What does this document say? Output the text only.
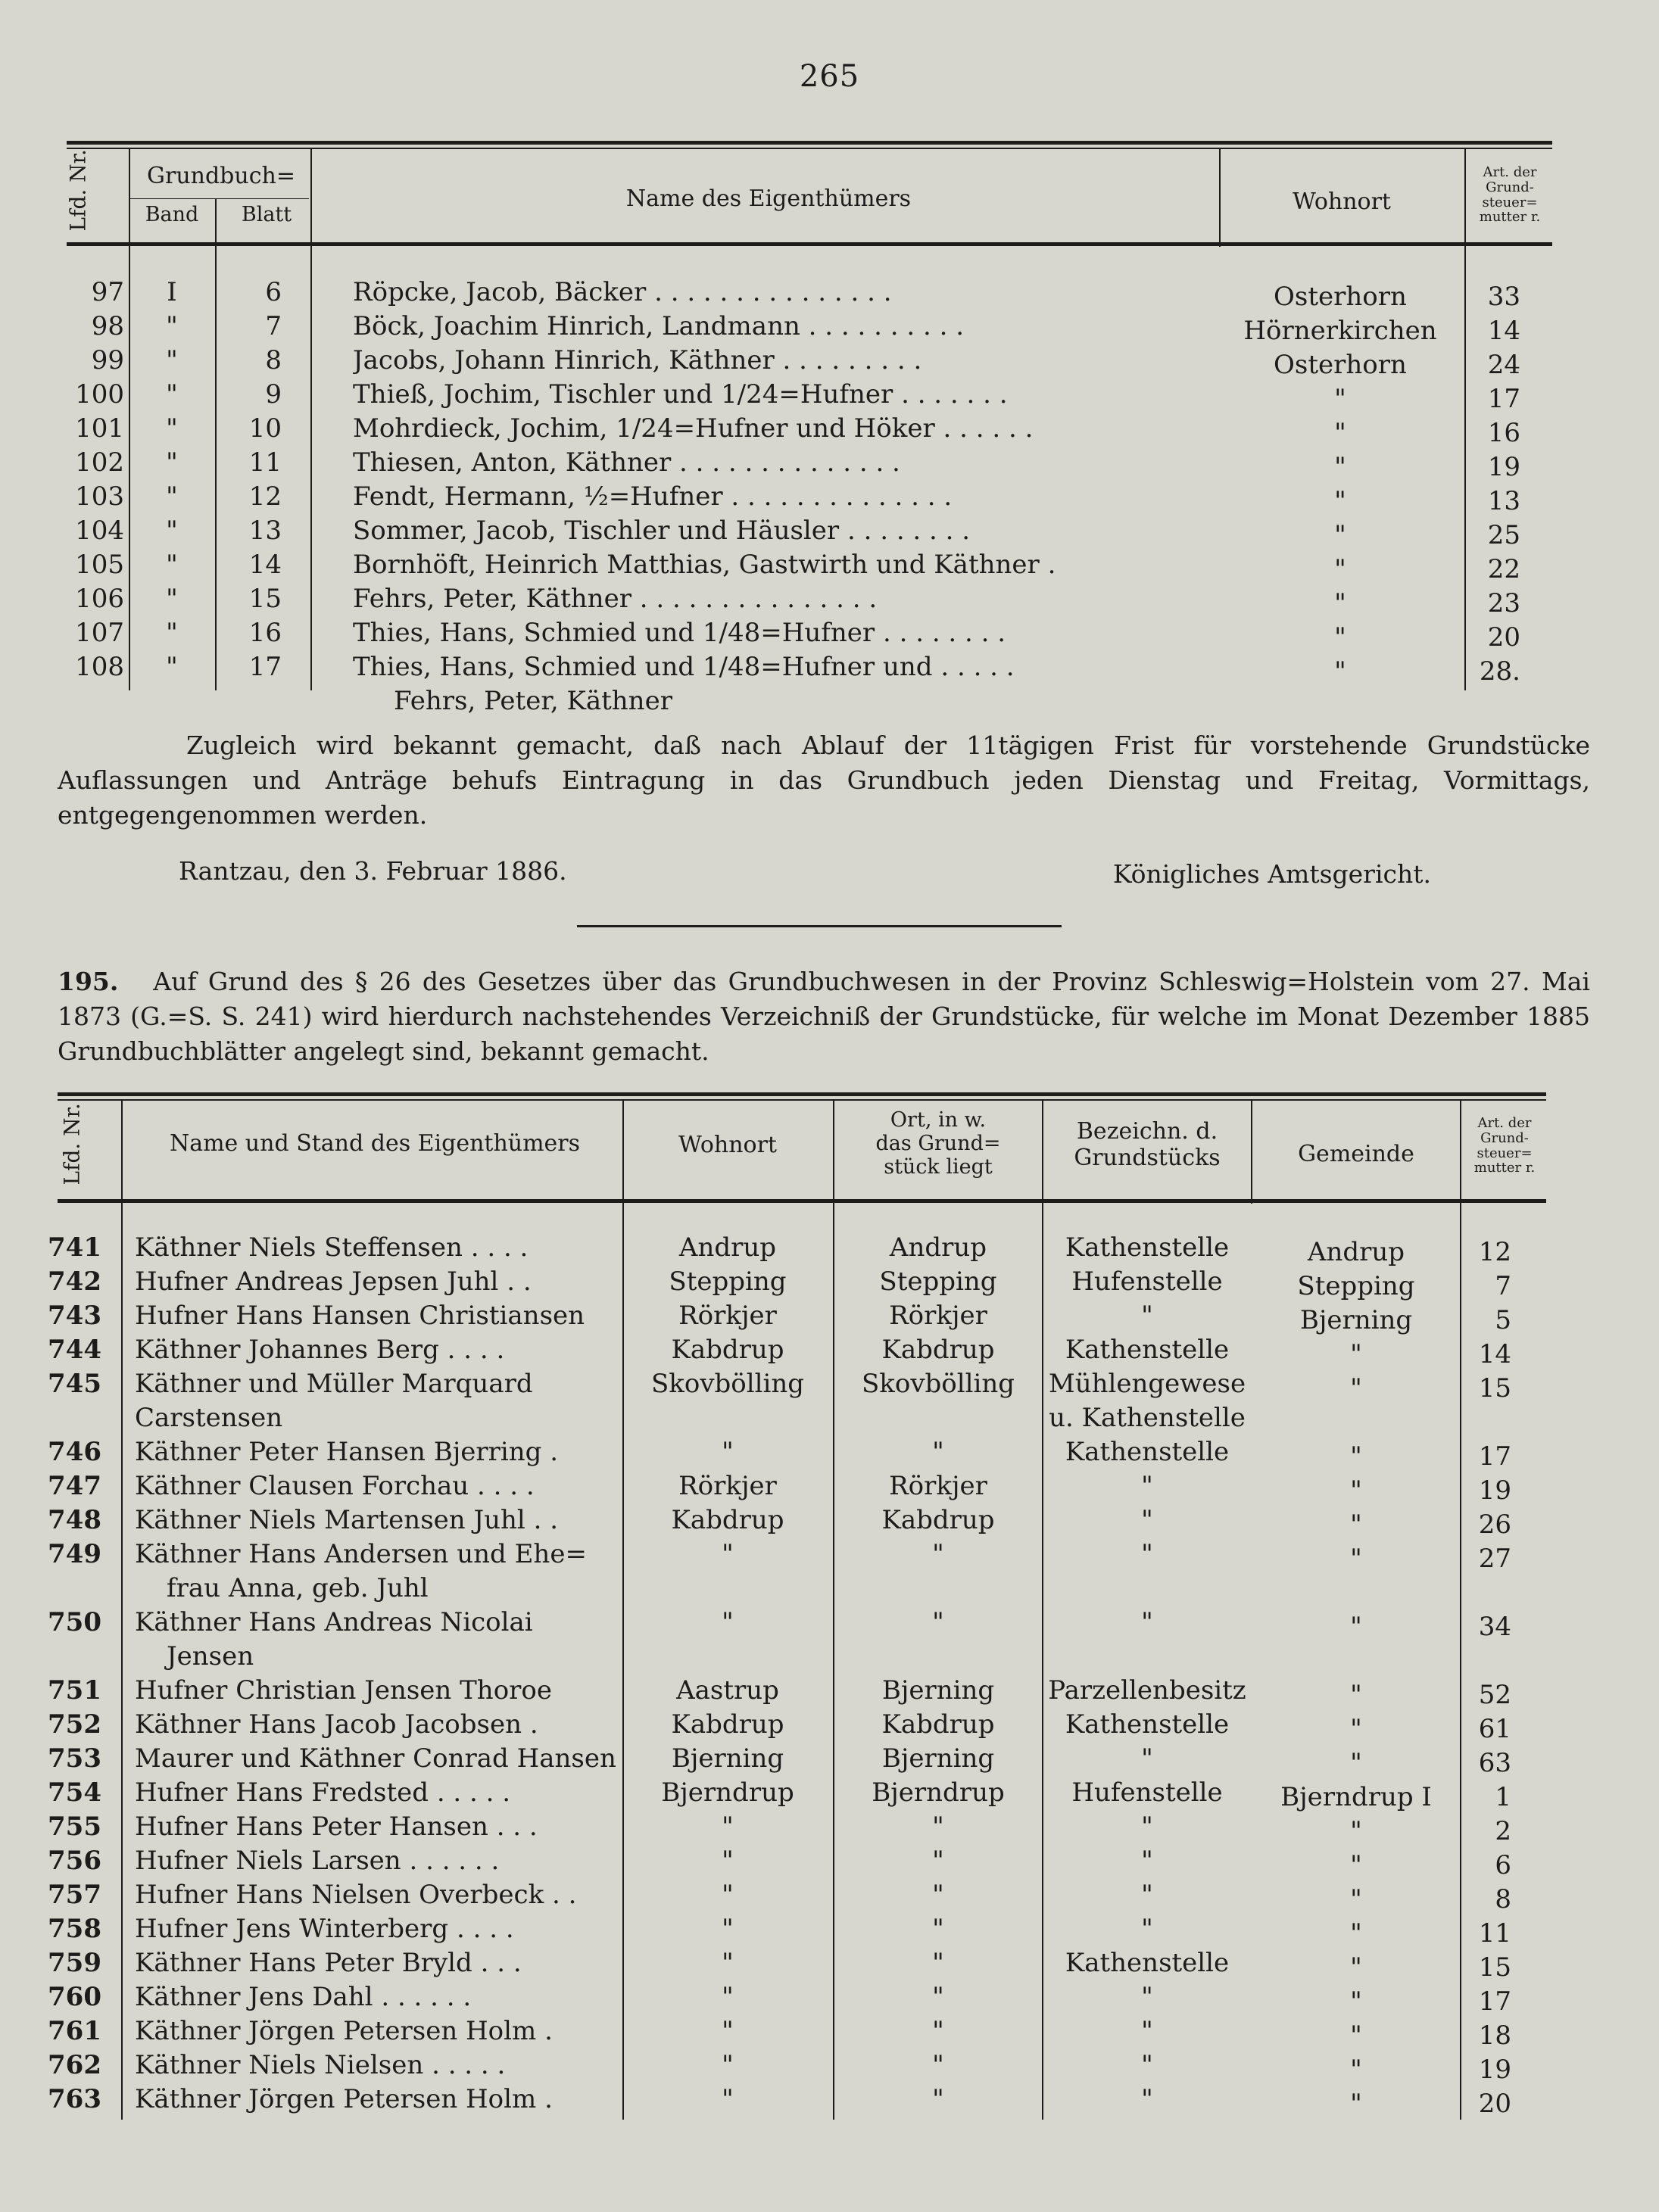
265
Lfd. Nr.	Grundbuch=
Band	Blatt
Name des Eigenthümers	Wohnort
Art. der
Grund-
steuer=
mutter r.
97	I	6	Röpcke, Jacob, Bäcker . . . . . . . . . . . . . . .	Osterhorn	33
98	"	7	Böck, Joachim Hinrich, Landmann . . . . . . . . . .	Hörnerkirchen	14
99	"	8	Jacobs, Johann Hinrich, Käthner . . . . . . . . .	Osterhorn	24
100	"	9	Thieß, Jochim, Tischler und 1/24=Hufner . . . . . . .	"	17
101	"	10	Mohrdieck, Jochim, 1/24=Hufner und Höker . . . . . .	"	16
102	"	11	Thiesen, Anton, Käthner . . . . . . . . . . . . . .	"	19
103	"	12	Fendt, Hermann, ½=Hufner . . . . . . . . . . . . . .	"	13
104	"	13	Sommer, Jacob, Tischler und Häusler . . . . . . . .	"	25
105	"	14	Bornhöft, Heinrich Matthias, Gastwirth und Käthner .	"	22
106	"	15	Fehrs, Peter, Käthner . . . . . . . . . . . . . . .	"	23
107	"	16	Thies, Hans, Schmied und 1/48=Hufner . . . . . . . .	"	20
108	"	17	Thies, Hans, Schmied und 1/48=Hufner und . . . . .	"	28.
Fehrs, Peter, Käthner
Zugleich wird bekannt gemacht, daß nach Ablauf der 11tägigen Frist für vorstehende Grundstücke Auflassungen und Anträge behufs Eintragung in das Grundbuch jeden Dienstag und Freitag, Vormittags, entgegengenommen werden.
Rantzau, den 3. Februar 1886.	Königliches Amtsgericht.
195. Auf Grund des § 26 des Gesetzes über das Grundbuchwesen in der Provinz Schleswig=Holstein vom 27. Mai 1873 (G.=S. S. 241) wird hierdurch nachstehendes Verzeichniß der Grundstücke, für welche im Monat Dezember 1885 Grundbuchblätter angelegt sind, bekannt gemacht.
Lfd. Nr.	Name und Stand des Eigenthümers	Wohnort
Ort, in w.
das Grund=
stück liegt
Bezeichn. d.
Grundstücks	Gemeinde
Art. der
Grund-
steuer=
mutter r.
741 Käthner Niels Steffensen . . . .	Andrup	Andrup	Kathenstelle	Andrup	12
742 Hufner Andreas Jepsen Juhl . .	Stepping	Stepping	Hufenstelle	Stepping	7
743 Hufner Hans Hansen Christiansen	Rörkjer	Rörkjer	"	Bjerning	5
744 Käthner Johannes Berg . . . .	Kabdrup	Kabdrup	Kathenstelle	"	14
745 Käthner und Müller Marquard	Skovbölling	Skovbölling	Mühlengewese	"	15
Carstensen	u. Kathenstelle
746 Käthner Peter Hansen Bjerring .	"	"	Kathenstelle	"	17
747 Käthner Clausen Forchau . . . .	Rörkjer	Rörkjer	"	"	19
748 Käthner Niels Martensen Juhl . .	Kabdrup	Kabdrup	"	"	26
749 Käthner Hans Andersen und Ehe=	"	"	"	"	27
frau Anna, geb. Juhl
750 Käthner Hans Andreas Nicolai	"	"	"	"	34
Jensen
751 Hufner Christian Jensen Thoroe	Aastrup	Bjerning	Parzellenbesitz	"	52
752 Käthner Hans Jacob Jacobsen .	Kabdrup	Kabdrup	Kathenstelle	"	61
753 Maurer und Käthner Conrad Hansen	Bjerning	Bjerning	"	"	63
754 Hufner Hans Fredsted . . . . .	Bjerndrup	Bjerndrup	Hufenstelle	Bjerndrup I	1
755 Hufner Hans Peter Hansen . . .	"	"	"	"	2
756 Hufner Niels Larsen . . . . . .	"	"	"	"	6
757 Hufner Hans Nielsen Overbeck . .	"	"	"	"	8
758 Hufner Jens Winterberg . . . .	"	"	"	"	11
759 Käthner Hans Peter Bryld . . .	"	"	Kathenstelle	"	15
760 Käthner Jens Dahl . . . . . .	"	"	"	"	17
761 Käthner Jörgen Petersen Holm .	"	"	"	"	18
762 Käthner Niels Nielsen . . . . .	"	"	"	"	19
763 Käthner Jörgen Petersen Holm .	"	"	"	"	20
